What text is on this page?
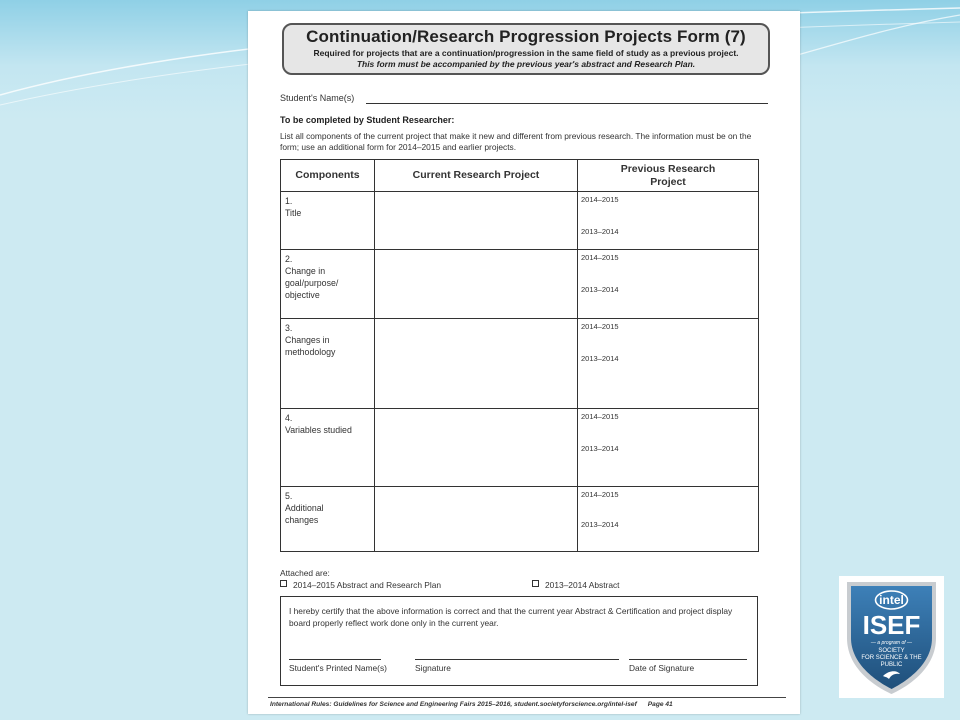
Continuation/Research Progression Projects Form (7)
Required for projects that are a continuation/progression in the same field of study as a previous project.
This form must be accompanied by the previous year's abstract and Research Plan.
Student's Name(s)
To be completed by Student Researcher:
List all components of the current project that make it new and different from previous research. The information must be on the form; use an additional form for 2014–2015 and earlier projects.
Components	Current Research Project	Previous Research Project
1.Title		2014–2015
2013–2014

2.Change in goal/purpose/ objective		2014–2015
2013–2014

3.Changes in methodology		2014–2015
2013–2014

4.Variables studied		2014–2015
2013–2014

5.Additional changes		2014–2015
2013–2014
Attached are:
2014–2015 Abstract and Research Plan	2013–2014 Abstract
I hereby certify that the above information is correct and that the current year Abstract & Certification and project display board properly reflect work done only in the current year.
Student's Printed Name(s)	Signature	Date of Signature
International Rules: Guidelines for Science and Engineering Fairs 2015–2016, student.societyforscience.org/intel-isef      Page 41
intel
ISEF
— a program of —
SOCIETY
FOR SCIENCE & THE
PUBLIC
